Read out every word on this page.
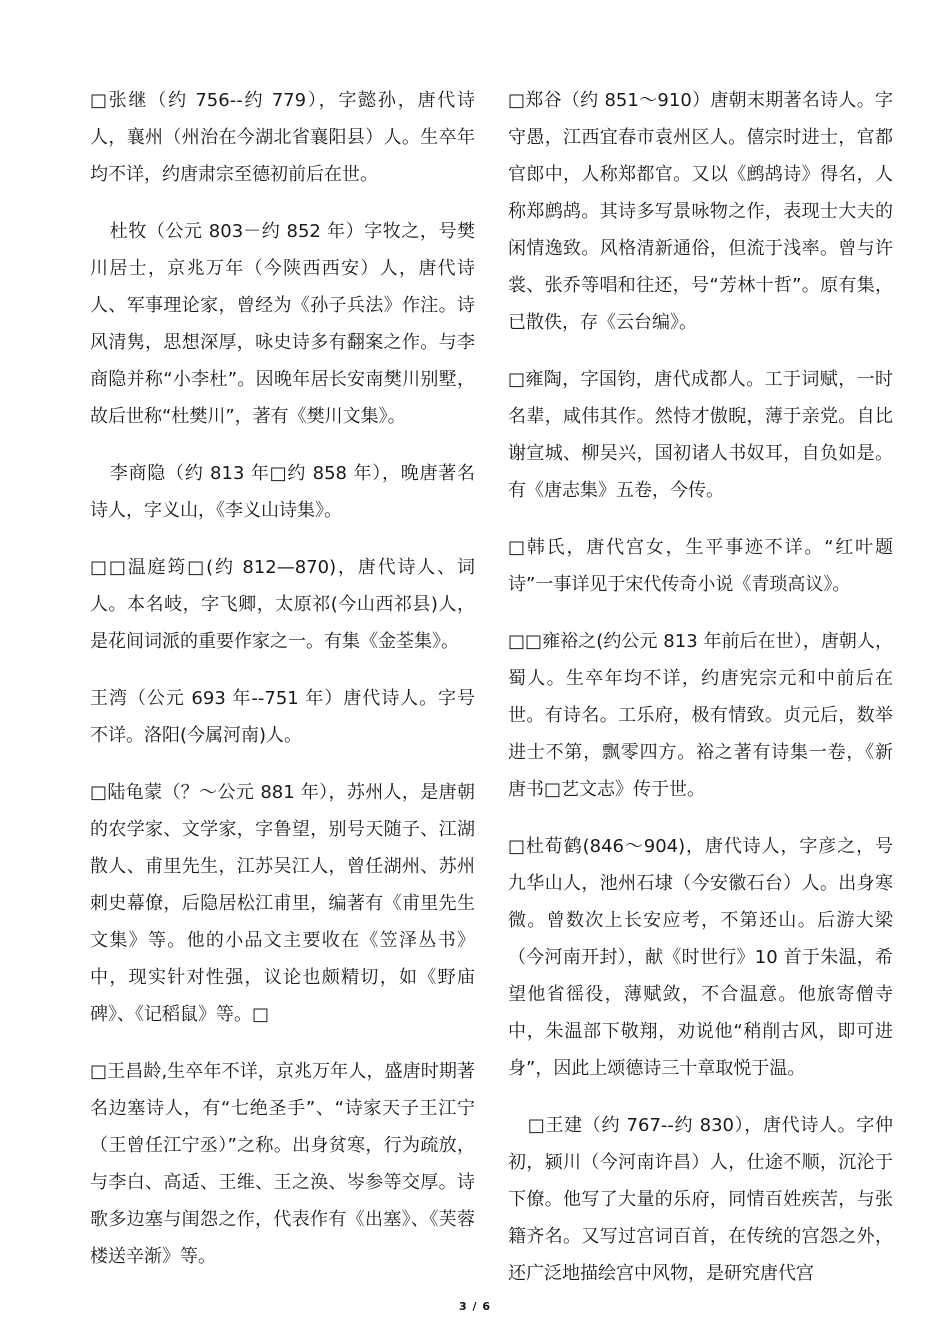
□张继（约 756--约 779），字懿孙，唐代诗人，襄州（州治在今湖北省襄阳县）人。生卒年均不详，约唐肃宗至德初前后在世。

杜牧（公元 803－约 852 年）字牧之，号樊川居士，京兆万年（今陕西西安）人，唐代诗人、军事理论家，曾经为《孙子兵法》作注。诗风清隽，思想深厚，咏史诗多有翻案之作。与李商隐并称“小李杜”。因晚年居长安南樊川别墅，故后世称“杜樊川”，著有《樊川文集》。

李商隐（约 813 年□约 858 年），晚唐著名诗人，字义山，《李义山诗集》。

□□温庭筠□(约 812—870)，唐代诗人、词人。本名岐，字飞卿，太原祁(今山西祁县)人，是花间词派的重要作家之一。有集《金荃集》。

王湾（公元 693 年--751 年）唐代诗人。字号不详。洛阳(今属河南)人。

□陆龟蒙（？～公元 881 年），苏州人，是唐朝的农学家、文学家，字鲁望，别号天随子、江湖散人、甫里先生，江苏吴江人，曾任湖州、苏州刺史幕僚，后隐居松江甫里，编著有《甫里先生文集》等。他的小品文主要收在《笠泽丛书》中，现实针对性强，议论也颇精切，如《野庙碑》、《记稻鼠》等。□

□王昌龄,生卒年不详，京兆万年人，盛唐时期著名边塞诗人，有“七绝圣手”、“诗家天子王江宁（王曾任江宁丞）”之称。出身贫寒，行为疏放，与李白、高适、王维、王之涣、岑参等交厚。诗歌多边塞与闺怨之作，代表作有《出塞》、《芙蓉楼送辛渐》等。

□郑谷（约 851～910）唐朝末期著名诗人。字守愚，江西宜春市袁州区人。僖宗时进士，官都官郎中，人称郑都官。又以《鹧鸪诗》得名，人称郑鹧鸪。其诗多写景咏物之作，表现士大夫的闲情逸致。风格清新通俗，但流于浅率。曾与许裳、张乔等唱和往还，号“芳林十哲”。原有集，已散佚，存《云台编》。

□雍陶，字国钧，唐代成都人。工于词赋，一时名辈，咸伟其作。然恃才傲睨，薄于亲党。自比谢宣城、柳吴兴，国初诸人书奴耳，自负如是。有《唐志集》五卷，今传。

□韩氏，唐代宫女，生平事迹不详。“红叶题诗”一事详见于宋代传奇小说《青琐高议》。

□□雍裕之(约公元 813 年前后在世），唐朝人，蜀人。生卒年均不详，约唐宪宗元和中前后在世。有诗名。工乐府，极有情致。贞元后，数举进士不第，飘零四方。裕之著有诗集一卷，《新唐书□艺文志》传于世。

□杜荀鹤(846～904)，唐代诗人，字彦之，号九华山人，池州石埭（今安徽石台）人。出身寒微。曾数次上长安应考，不第还山。后游大梁（今河南开封），献《时世行》10 首于朱温，希望他省徭役，薄赋敛，不合温意。他旅寄僧寺中，朱温部下敬翔，劝说他“稍削古风，即可进身”，因此上颂德诗三十章取悦于温。

□王建（约 767--约 830），唐代诗人。字仲初，颍川（今河南许昌）人，仕途不顺，沉沦于下僚。他写了大量的乐府，同情百姓疾苦，与张籍齐名。又写过宫词百首，在传统的宫怨之外，还广泛地描绘宫中风物，是研究唐代宫

3 / 6
